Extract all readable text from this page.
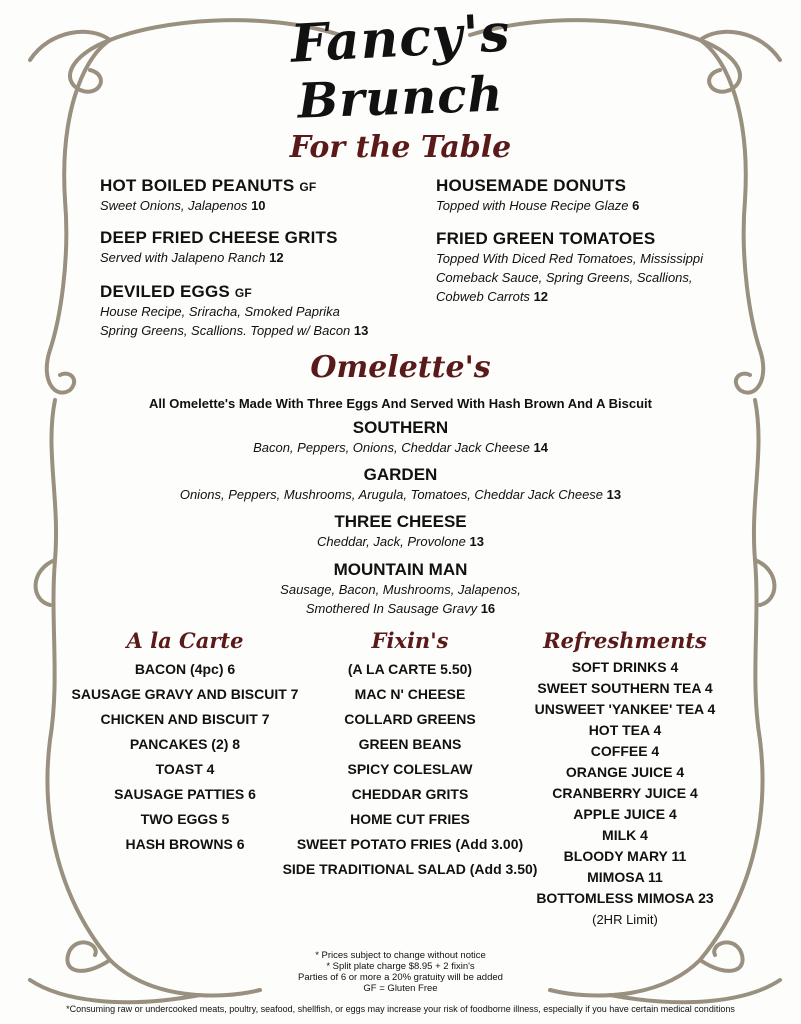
Fancy's
Brunch
For the Table
HOT BOILED PEANUTS GF
Sweet Onions, Jalapenos 10
DEEP FRIED CHEESE GRITS
Served with Jalapeno Ranch 12
DEVILED EGGS GF
House Recipe, Sriracha, Smoked Paprika
Spring Greens, Scallions. Topped w/ Bacon 13
HOUSEMADE DONUTS
Topped with House Recipe Glaze 6
FRIED GREEN TOMATOES
Topped With Diced Red Tomatoes, Mississippi
Comeback Sauce, Spring Greens, Scallions,
Cobweb Carrots 12
Omelette's
All Omelette's Made With Three Eggs And Served With Hash Brown And A Biscuit
SOUTHERN
Bacon, Peppers, Onions, Cheddar Jack Cheese 14
GARDEN
Onions, Peppers, Mushrooms, Arugula, Tomatoes, Cheddar Jack Cheese 13
THREE CHEESE
Cheddar, Jack, Provolone 13
MOUNTAIN MAN
Sausage, Bacon, Mushrooms, Jalapenos,
Smothered In Sausage Gravy 16
A la Carte
BACON (4pc) 6
SAUSAGE GRAVY AND BISCUIT 7
CHICKEN AND BISCUIT 7
PANCAKES (2) 8
TOAST 4
SAUSAGE PATTIES 6
TWO EGGS 5
HASH BROWNS 6
Fixin's
(A LA CARTE 5.50)
MAC N' CHEESE
COLLARD GREENS
GREEN BEANS
SPICY COLESLAW
CHEDDAR GRITS
HOME CUT FRIES
SWEET POTATO FRIES (Add 3.00)
SIDE TRADITIONAL SALAD (Add 3.50)
Refreshments
SOFT DRINKS 4
SWEET SOUTHERN TEA 4
UNSWEET 'YANKEE' TEA 4
HOT TEA 4
COFFEE 4
ORANGE JUICE 4
CRANBERRY JUICE 4
APPLE JUICE 4
MILK 4
BLOODY MARY 11
MIMOSA 11
BOTTOMLESS MIMOSA 23
(2HR Limit)
* Prices subject to change without notice
* Split plate charge $8.95 + 2 fixin's
Parties of 6 or more a 20% gratuity will be added
GF = Gluten Free
*Consuming raw or undercooked meats, poultry, seafood, shellfish, or eggs may increase your risk of foodborne illness, especially if you have certain medical conditions
